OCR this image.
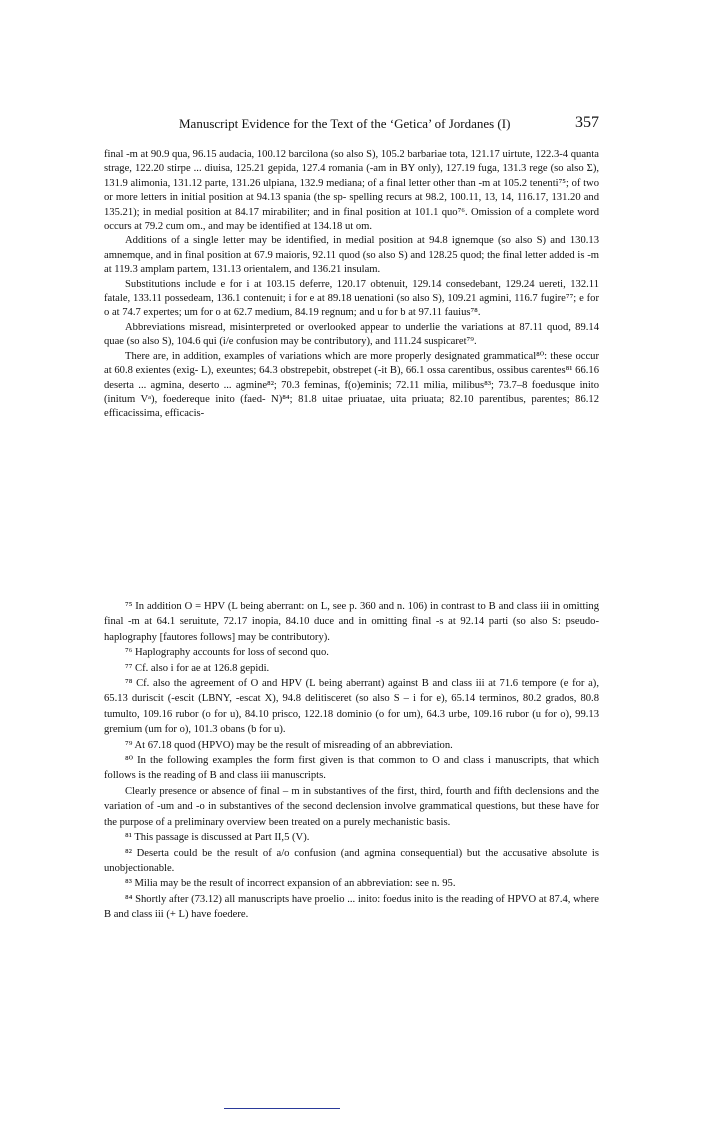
Manuscript Evidence for the Text of the ‘Getica’ of Jordanes (I)	357

final -m at 90.9 qua, 96.15 audacia, 100.12 barcilona (so also S), 105.2 barbariae tota, 121.17 uirtute, 122.3-4 quanta strage, 122.20 stirpe ... diuisa, 125.21 gepida, 127.4 romania (-am in BY only), 127.19 fuga, 131.3 rege (so also Σ), 131.9 alimonia, 131.12 parte, 131.26 ulpiana, 132.9 mediana; of a final letter other than -m at 105.2 tenenti⁷⁵; of two or more letters in initial position at 94.13 spania (the sp- spelling recurs at 98.2, 100.11, 13, 14, 116.17, 131.20 and 135.21); in medial position at 84.17 mirabiliter; and in final position at 101.1 quo⁷⁶. Omission of a complete word occurs at 79.2 cum om., and may be identified at 134.18 ut om.

Additions of a single letter may be identified, in medial position at 94.8 ignemque (so also S) and 130.13 amnemque, and in final position at 67.9 maioris, 92.11 quod (so also S) and 128.25 quod; the final letter added is -m at 119.3 amplam partem, 131.13 orientalem, and 136.21 insulam.

Substitutions include e for i at 103.15 deferre, 120.17 obtenuit, 129.14 consedebant, 129.24 uereti, 132.11 fatale, 133.11 possedeam, 136.1 contenuit; i for e at 89.18 uenationi (so also S), 109.21 agmini, 116.7 fugire⁷⁷; e for o at 74.7 expertes; um for o at 62.7 medium, 84.19 regnum; and u for b at 97.11 fauius⁷⁸.

Abbreviations misread, misinterpreted or overlooked appear to underlie the variations at 87.11 quod, 89.14 quae (so also S), 104.6 qui (i/e confusion may be contributory), and 111.24 suspicaret⁷⁹.

There are, in addition, examples of variations which are more properly designated grammatical⁸⁰: these occur at 60.8 exientes (exig- L), exeuntes; 64.3 obstrepebit, obstrepet (-it B), 66.1 ossa carentibus, ossibus carentes⁸¹ 66.16 deserta ... agmina, deserto ... agmine⁸²; 70.3 feminas, f(o)eminis; 72.11 milia, milibus⁸³; 73.7–8 foedusque inito (initum Vᵃ), foedereque inito (faed- N)⁸⁴; 81.8 uitae priuatae, uita priuata; 82.10 parentibus, parentes; 86.12 efficacissima, efficacis-

⁷⁵ In addition O = HPV (L being aberrant: on L, see p. 360 and n. 106) in contrast to B and class iii in omitting final -m at 64.1 seruitute, 72.17 inopia, 84.10 duce and in omitting final -s at 92.14 parti (so also S: pseudo-haplography [fautores follows] may be contributory).

⁷⁶ Haplography accounts for loss of second quo.

⁷⁷ Cf. also i for ae at 126.8 gepidi.

⁷⁸ Cf. also the agreement of O and HPV (L being aberrant) against B and class iii at 71.6 tempore (e for a), 65.13 duriscit (-escit (LBNY, -escat X), 94.8 delitisceret (so also S – i for e), 65.14 terminos, 80.2 grados, 80.8 tumulto, 109.16 rubor (o for u), 84.10 prisco, 122.18 dominio (o for um), 64.3 urbe, 109.16 rubor (u for o), 99.13 gremium (um for o), 101.3 obans (b for u).

⁷⁹ At 67.18 quod (HPVO) may be the result of misreading of an abbreviation.

⁸⁰ In the following examples the form first given is that common to O and class i manuscripts, that which follows is the reading of B and class iii manuscripts.

Clearly presence or absence of final – m in substantives of the first, third, fourth and fifth declensions and the variation of -um and -o in substantives of the second declension involve grammatical questions, but these have for the purpose of a preliminary overview been treated on a purely mechanistic basis.

⁸¹ This passage is discussed at Part II,5 (V).

⁸² Deserta could be the result of a/o confusion (and agmina consequential) but the accusative absolute is unobjectionable.

⁸³ Milia may be the result of incorrect expansion of an abbreviation: see n. 95.

⁸⁴ Shortly after (73.12) all manuscripts have proelio ... inito: foedus inito is the reading of HPVO at 87.4, where B and class iii (+ L) have foedere.
